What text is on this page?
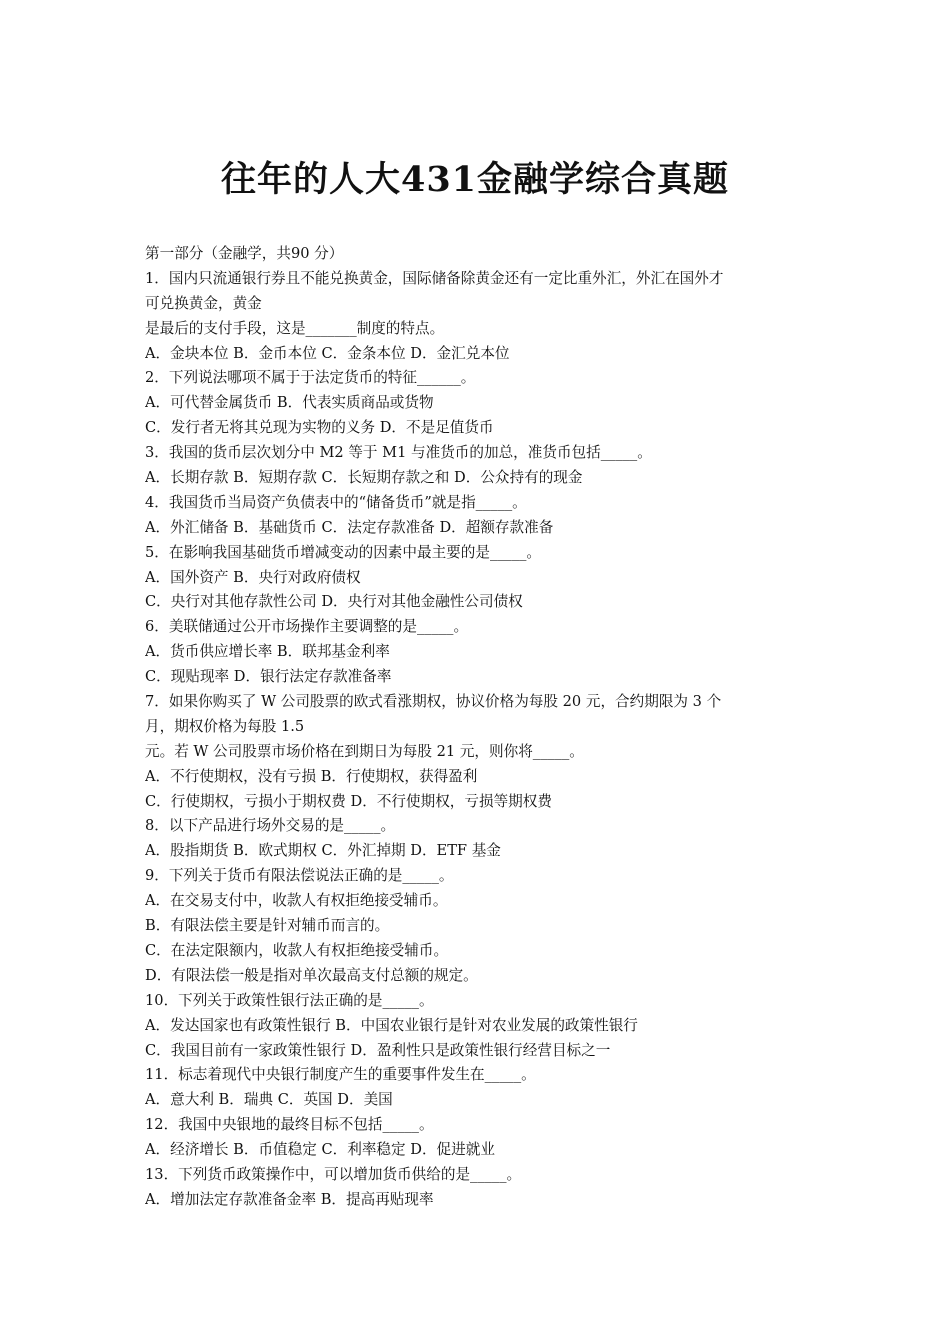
往年的人大431金融学综合真题
第一部分（金融学，共90 分）
1．国内只流通银行券且不能兑换黄金，国际储备除黄金还有一定比重外汇，外汇在国外才
可兑换黄金，黄金
是最后的支付手段，这是_______制度的特点。
A．金块本位 B．金币本位 C．金条本位 D．金汇兑本位
2．下列说法哪项不属于于法定货币的特征______。
A．可代替金属货币 B．代表实质商品或货物
C．发行者无将其兑现为实物的义务 D．不是足值货币
3．我国的货币层次划分中 M2 等于 M1 与准货币的加总，准货币包括_____。
A．长期存款 B．短期存款 C．长短期存款之和 D．公众持有的现金
4．我国货币当局资产负债表中的“储备货币”就是指_____。
A．外汇储备 B．基础货币 C．法定存款准备 D．超额存款准备
5．在影响我国基础货币增减变动的因素中最主要的是_____。
A．国外资产 B．央行对政府债权
C．央行对其他存款性公司 D．央行对其他金融性公司债权
6．美联储通过公开市场操作主要调整的是_____。
A．货币供应增长率 B．联邦基金利率
C．现贴现率 D．银行法定存款准备率
7．如果你购买了 W 公司股票的欧式看涨期权，协议价格为每股 20 元，合约期限为 3 个
月，期权价格为每股 1.5
元。若 W 公司股票市场价格在到期日为每股 21 元，则你将_____。
A．不行使期权，没有亏损 B．行使期权，获得盈利
C．行使期权，亏损小于期权费 D．不行使期权，亏损等期权费
8．以下产品进行场外交易的是_____。
A．股指期货 B．欧式期权 C．外汇掉期 D．ETF 基金
9．下列关于货币有限法偿说法正确的是_____。
A．在交易支付中，收款人有权拒绝接受辅币。
B．有限法偿主要是针对辅币而言的。
C．在法定限额内，收款人有权拒绝接受辅币。
D．有限法偿一般是指对单次最高支付总额的规定。
10．下列关于政策性银行法正确的是_____。
A．发达国家也有政策性银行 B．中国农业银行是针对农业发展的政策性银行
C．我国目前有一家政策性银行 D．盈利性只是政策性银行经营目标之一
11．标志着现代中央银行制度产生的重要事件发生在_____。
A．意大利 B．瑞典 C．英国 D．美国
12．我国中央银地的最终目标不包括_____。
A．经济增长 B．币值稳定 C．利率稳定 D．促进就业
13．下列货币政策操作中，可以增加货币供给的是_____。
A．增加法定存款准备金率 B．提高再贴现率
